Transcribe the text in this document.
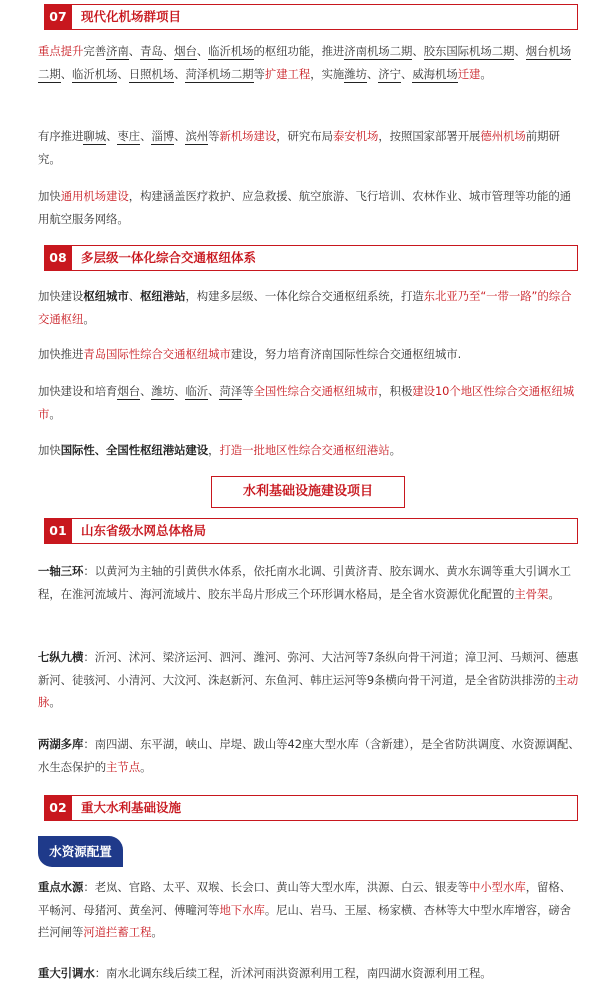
07	现代化机场群项目
重点提升完善济南、青岛、烟台、临沂机场的枢纽功能，推进济南机场二期、胶东国际机场二期、烟台机场二期、临沂机场、日照机场、菏泽机场二期等扩建工程，实施潍坊、济宁、威海机场迁建。
有序推进聊城、枣庄、淄博、滨州等新机场建设，研究布局泰安机场，按照国家部署开展德州机场前期研究。
加快通用机场建设，构建涵盖医疗救护、应急救援、航空旅游、飞行培训、农林作业、城市管理等功能的通用航空服务网络。
08	多层级一体化综合交通枢纽体系
加快建设枢纽城市、枢纽港站，构建多层级、一体化综合交通枢纽系统，打造东北亚乃至“一带一路”的综合交通枢纽。
加快推进青岛国际性综合交通枢纽城市建设，努力培育济南国际性综合交通枢纽城市.
加快建设和培育烟台、潍坊、临沂、菏泽等全国性综合交通枢纽城市，积极建设10个地区性综合交通枢纽城市。
加快国际性、全国性枢纽港站建设，打造一批地区性综合交通枢纽港站。
水利基础设施建设项目
01	山东省级水网总体格局
一轴三环：以黄河为主轴的引黄供水体系，依托南水北调、引黄济青、胶东调水、黄水东调等重大引调水工程，在淮河流域片、海河流域片、胶东半岛片形成三个环形调水格局，是全省水资源优化配置的主骨架。
七纵九横：沂河、沭河、梁济运河、泗河、潍河、弥河、大沽河等7条纵向骨干河道；漳卫河、马颊河、德惠新河、徒骇河、小清河、大汶河、洙赵新河、东鱼河、韩庄运河等9条横向骨干河道，是全省防洪排涝的主动脉。
两湖多库：南四湖、东平湖，峡山、岸堤、跋山等42座大型水库（含新建），是全省防洪调度、水资源调配、水生态保护的主节点。
02	重大水利基础设施
水资源配置
重点水源：老岚、官路、太平、双堠、长会口、黄山等大型水库，洪源、白云、银麦等中小型水库，留格、平畅河、母猪河、黄垒河、傅疃河等地下水库。尼山、岩马、王屋、杨家横、杏林等大中型水库增容，磅舍拦河闸等河道拦蓄工程。
重大引调水：南水北调东线后续工程，沂沭河雨洪资源利用工程，南四湖水资源利用工程。
